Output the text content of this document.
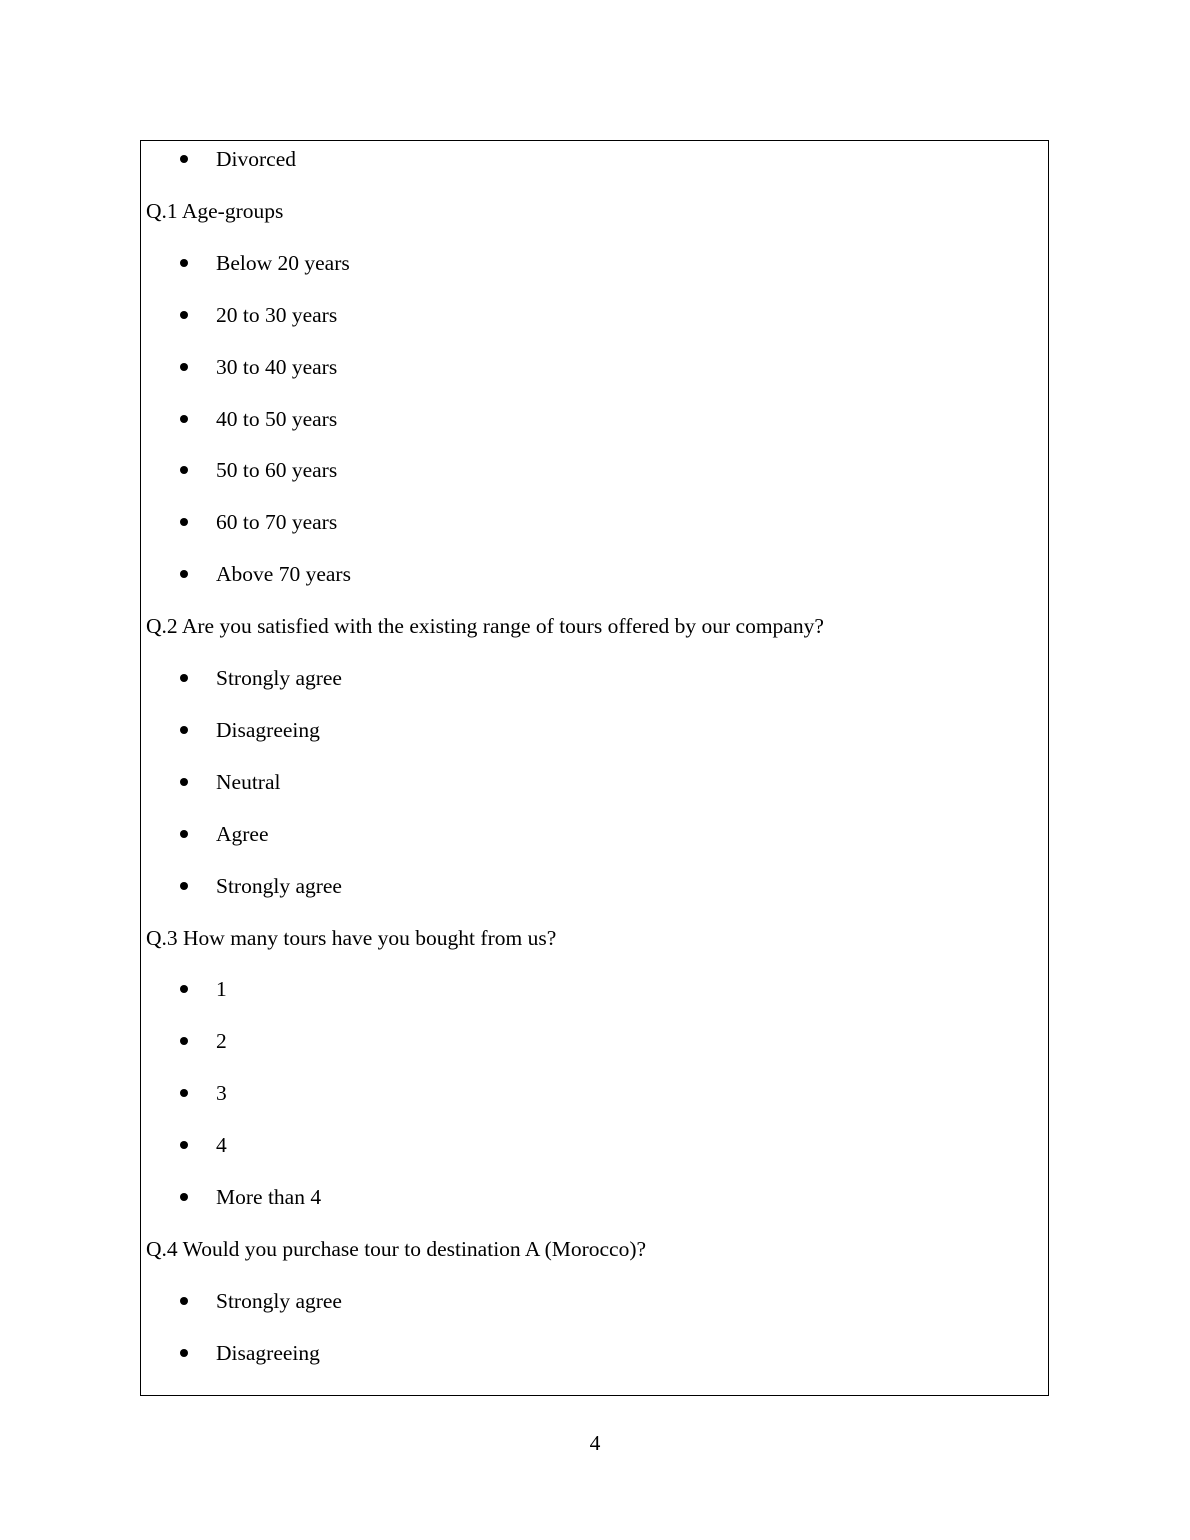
Divorced
Q.1 Age-groups
Below 20 years
20 to 30 years
30 to 40 years
40 to 50 years
50 to 60 years
60 to 70 years
Above 70 years
Q.2 Are you satisfied with the existing range of tours offered by our company?
Strongly agree
Disagreeing
Neutral
Agree
Strongly agree
Q.3 How many tours have you bought from us?
1
2
3
4
More than 4
Q.4 Would you purchase tour to destination A (Morocco)?
Strongly agree
Disagreeing
4
